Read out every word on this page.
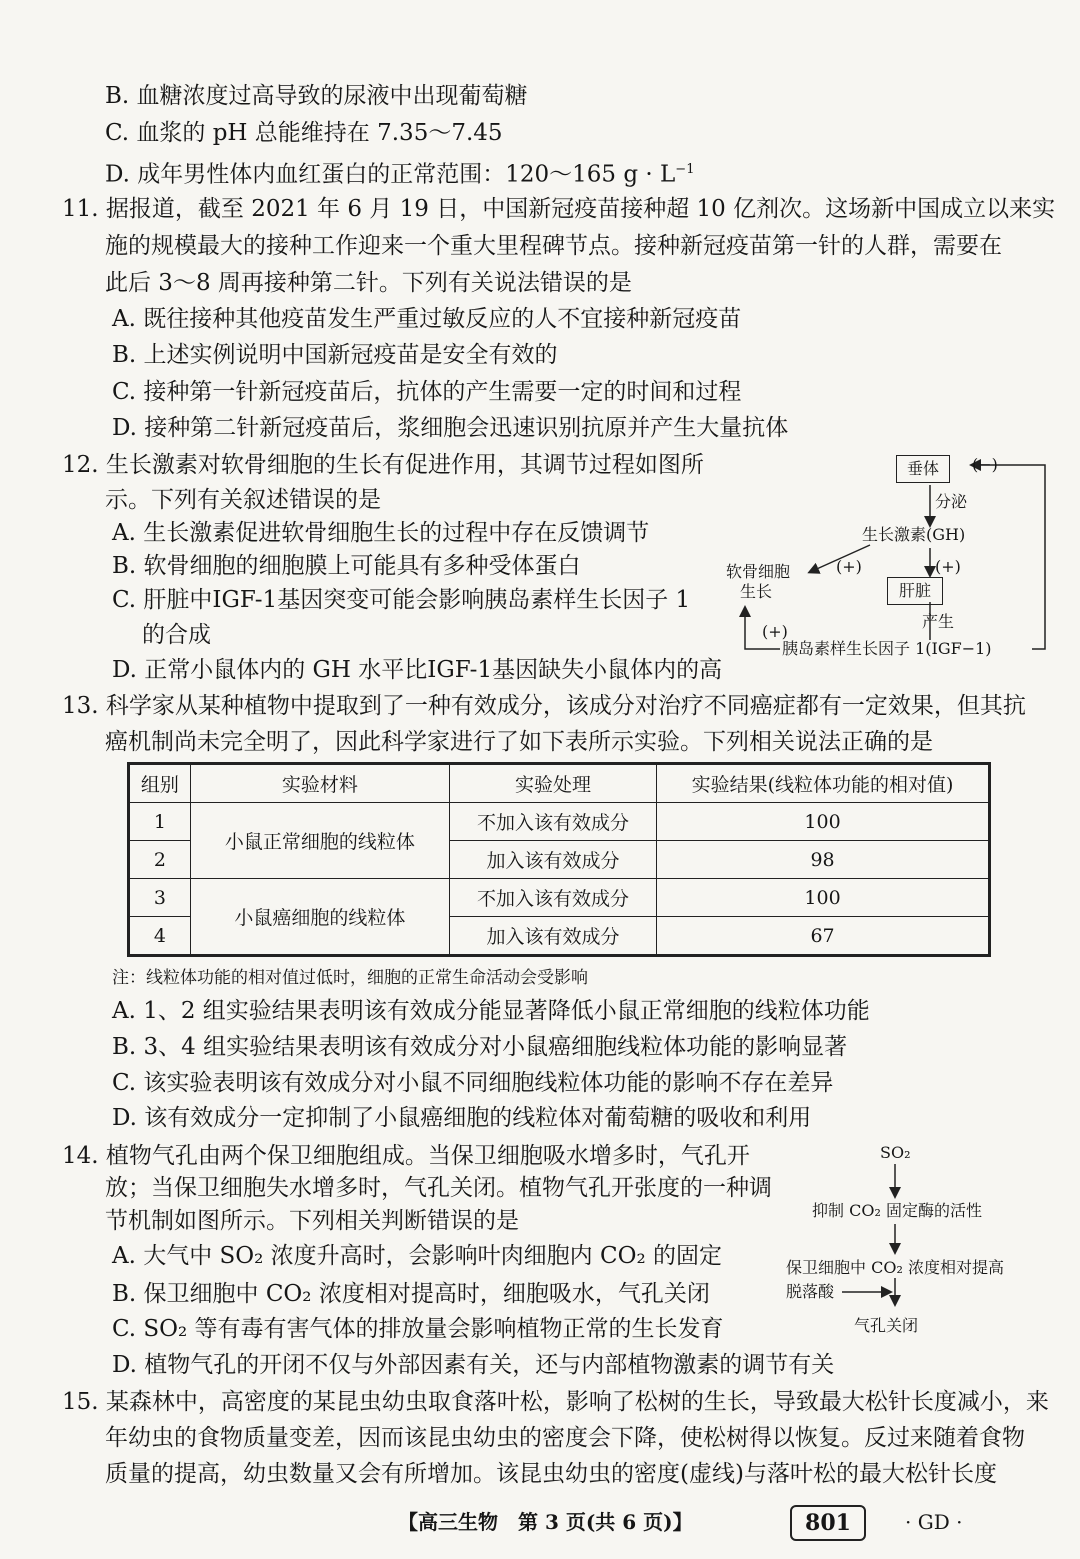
B. 血糖浓度过高导致的尿液中出现葡萄糖
C. 血浆的 pH 总能维持在 7.35～7.45
D. 成年男性体内血红蛋白的正常范围：120～165 $g \cdot L^{-1}$
11. 据报道，截至 2021 年 6 月 19 日，中国新冠疫苗接种超 10 亿剂次。这场新中国成立以来实
施的规模最大的接种工作迎来一个重大里程碑节点。接种新冠疫苗第一针的人群，需要在
此后 3～8 周再接种第二针。下列有关说法错误的是
A. 既往接种其他疫苗发生严重过敏反应的人不宜接种新冠疫苗
B. 上述实例说明中国新冠疫苗是安全有效的
C. 接种第一针新冠疫苗后，抗体的产生需要一定的时间和过程
D. 接种第二针新冠疫苗后，浆细胞会迅速识别抗原并产生大量抗体
12. 生长激素对软骨细胞的生长有促进作用，其调节过程如图所
示。下列有关叙述错误的是
A. 生长激素促进软骨细胞生长的过程中存在反馈调节
B. 软骨细胞的细胞膜上可能具有多种受体蛋白
C. 肝脏中IGF-1基因突变可能会影响胰岛素样生长因子 1
的合成
D. 正常小鼠体内的 GH 水平比IGF-1基因缺失小鼠体内的高
垂体	(−)
分泌
生长激素(GH)
(+)	(+)
软骨细胞
生长	肝脏
产生
(+)
胰岛素样生长因子 1(IGF−1)
13. 科学家从某种植物中提取到了一种有效成分，该成分对治疗不同癌症都有一定效果，但其抗
癌机制尚未完全明了，因此科学家进行了如下表所示实验。下列相关说法正确的是
组别	实验材料	实验处理	实验结果(线粒体功能的相对值)
1	小鼠正常细胞的线粒体	不加入该有效成分	100
2		加入该有效成分	98
3	小鼠癌细胞的线粒体	不加入该有效成分	100
4		加入该有效成分	67
注：线粒体功能的相对值过低时，细胞的正常生命活动会受影响
A. 1、2 组实验结果表明该有效成分能显著降低小鼠正常细胞的线粒体功能
B. 3、4 组实验结果表明该有效成分对小鼠癌细胞线粒体功能的影响显著
C. 该实验表明该有效成分对小鼠不同细胞线粒体功能的影响不存在差异
D. 该有效成分一定抑制了小鼠癌细胞的线粒体对葡萄糖的吸收和利用
14. 植物气孔由两个保卫细胞组成。当保卫细胞吸水增多时，气孔开
放；当保卫细胞失水增多时，气孔关闭。植物气孔开张度的一种调
节机制如图所示。下列相关判断错误的是
A. 大气中 SO₂ 浓度升高时，会影响叶肉细胞内 CO₂ 的固定
B. 保卫细胞中 CO₂ 浓度相对提高时，细胞吸水，气孔关闭
C. SO₂ 等有毒有害气体的排放量会影响植物正常的生长发育
D. 植物气孔的开闭不仅与外部因素有关，还与内部植物激素的调节有关
SO₂
抑制 CO₂ 固定酶的活性
保卫细胞中 CO₂ 浓度相对提高
脱落酸
气孔关闭
15. 某森林中，高密度的某昆虫幼虫取食落叶松，影响了松树的生长，导致最大松针长度减小，来
年幼虫的食物质量变差，因而该昆虫幼虫的密度会下降，使松树得以恢复。反过来随着食物
质量的提高，幼虫数量又会有所增加。该昆虫幼虫的密度(虚线)与落叶松的最大松针长度
【高三生物　第 3 页(共 6 页)】	801	· GD ·
